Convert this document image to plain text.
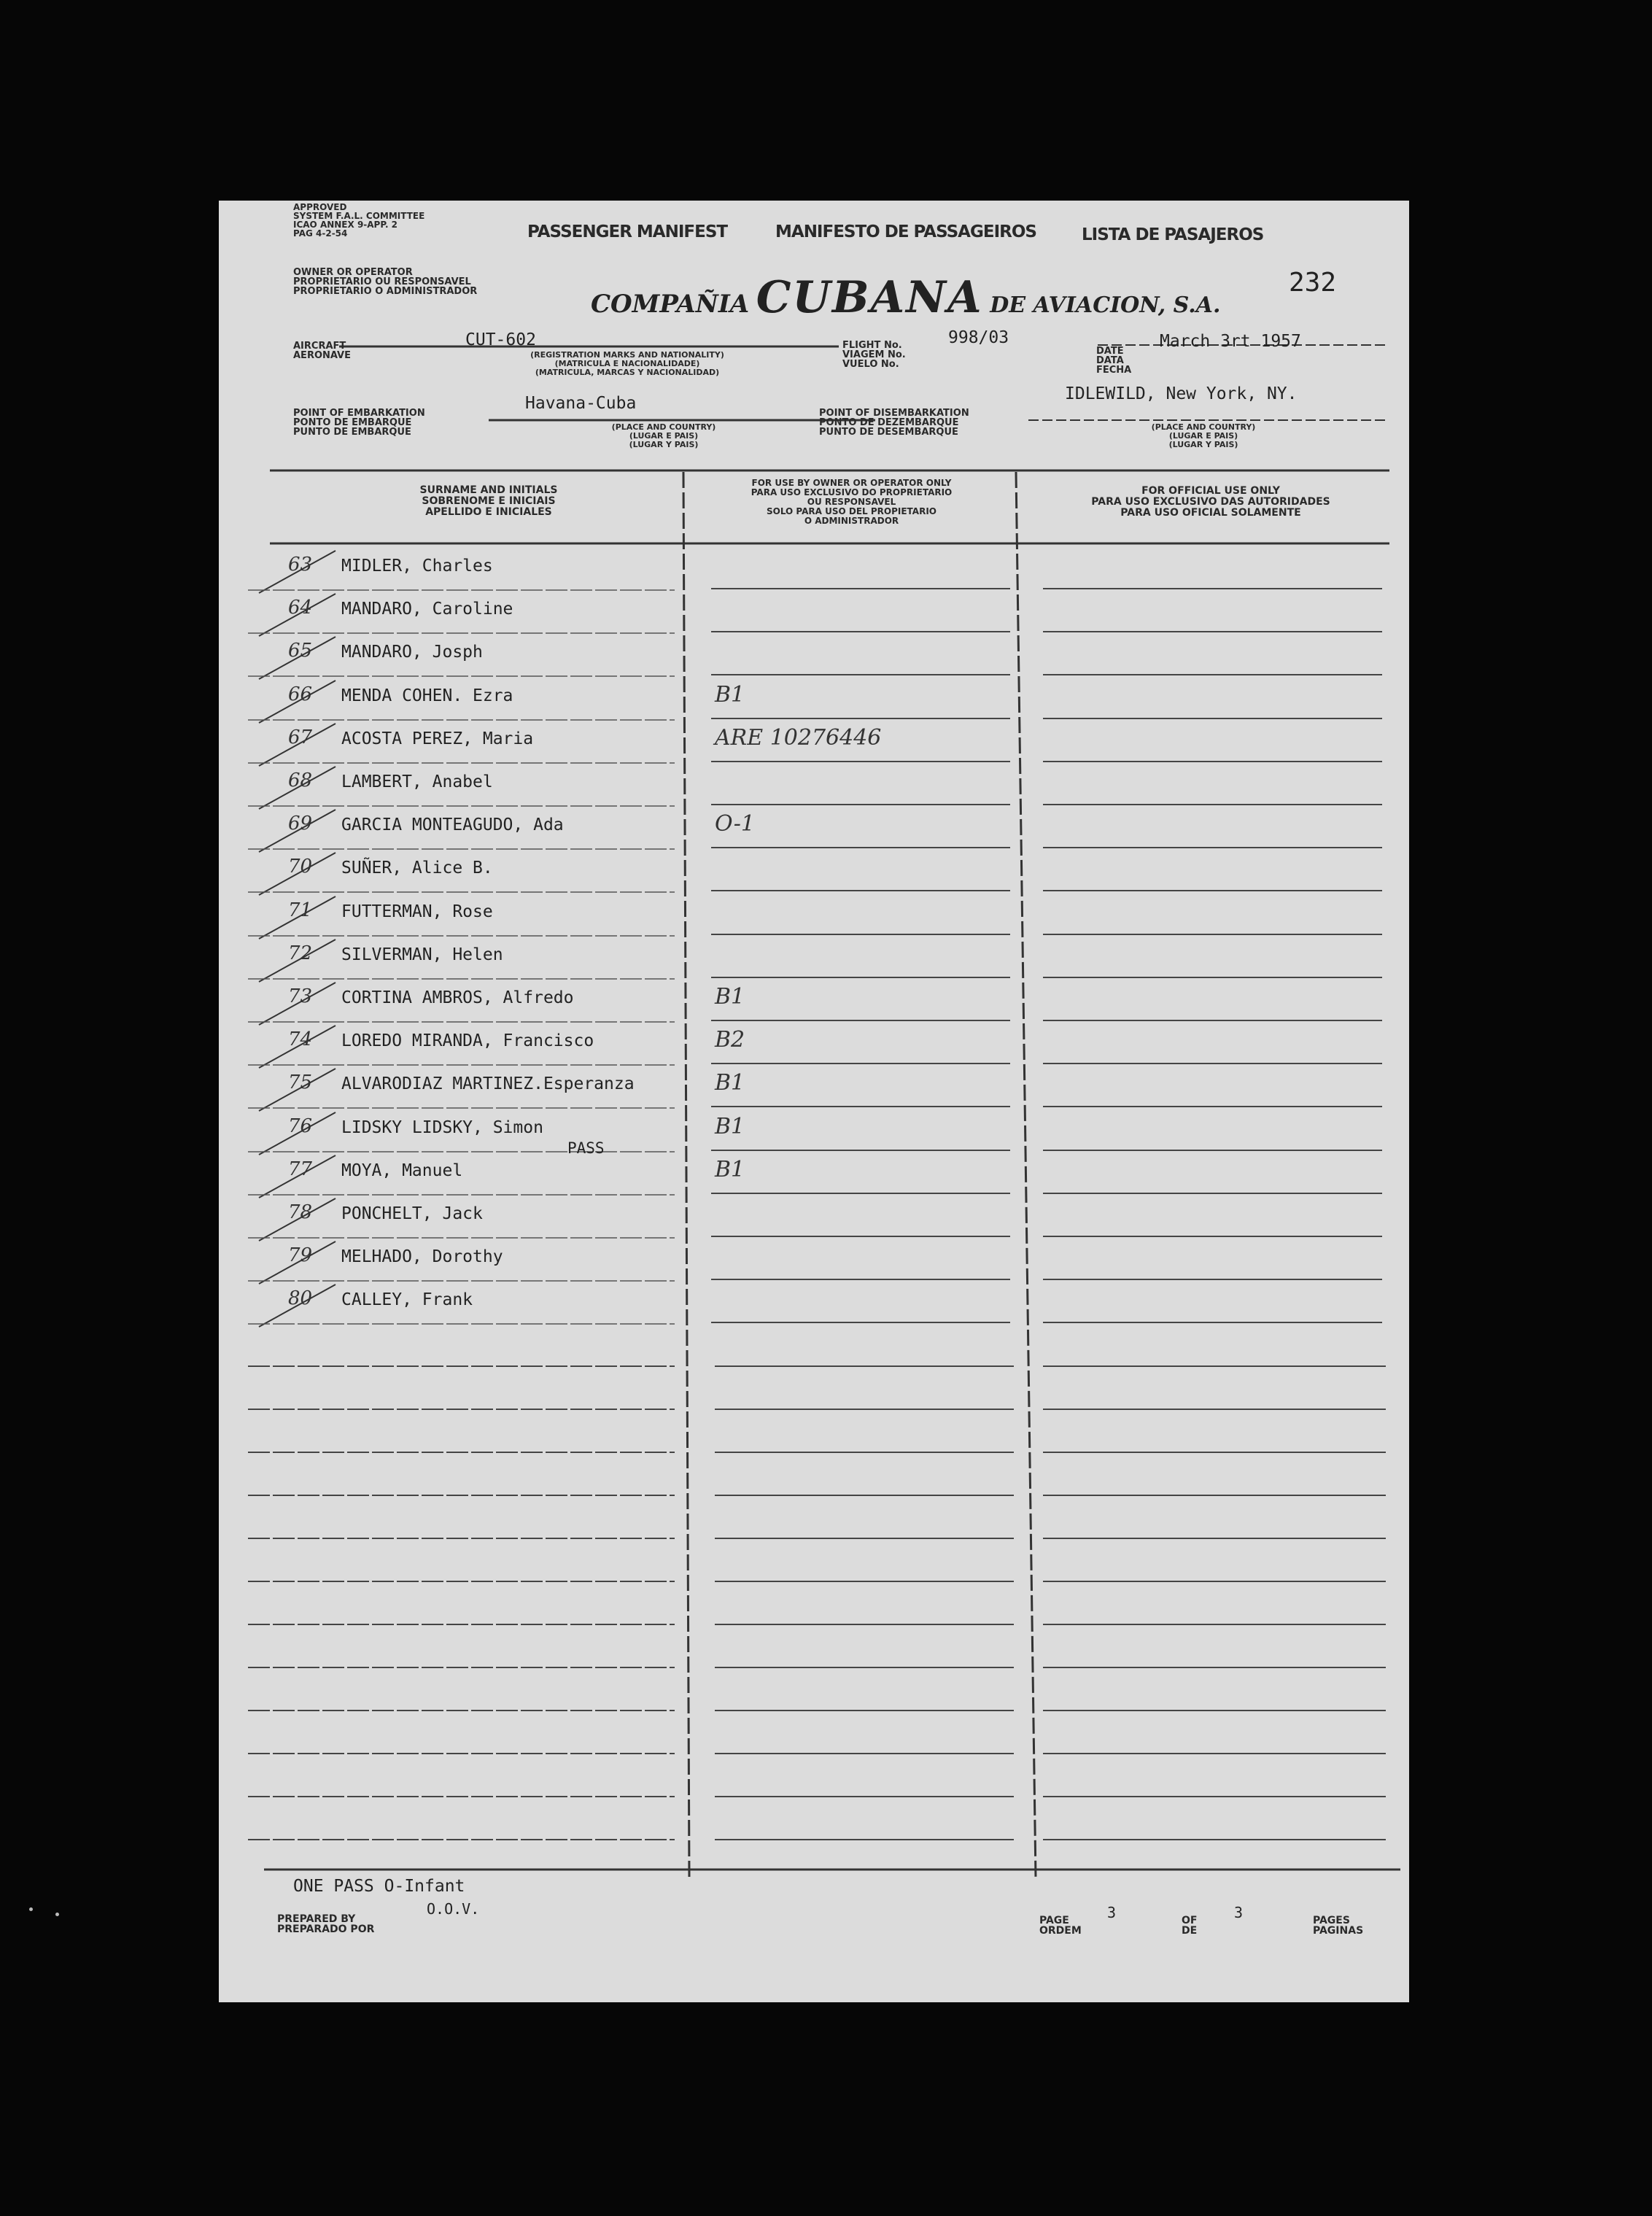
APPROVED
SYSTEM F.A.L. COMMITTEE
ICAO ANNEX 9-APP. 2
PAG 4-2-54	PASSENGER MANIFEST	MANIFESTO DE PASSAGEIROS	LISTA DE PASAJEROS
232
OWNER OR OPERATOR
PROPRIETARIO OU RESPONSAVEL
PROPRIETARIO O ADMINISTRADOR	COMPAÑIA CUBANA DE AVIACION, S.A.
AIRCRAFT
AERONAVE
CUT-602
(REGISTRATION MARKS AND NATIONALITY)
(MATRICULA E NACIONALIDADE)
(MATRICULA, MARCAS Y NACIONALIDAD)
FLIGHT No.
VIAGEM No.
VUELO No.
998/03
DATE
DATA
FECHA
March 3rt 1957
IDLEWILD, New York, NY.
POINT OF EMBARKATION
PONTO DE EMBARQUE
PUNTO DE EMBARQUE
Havana-Cuba
(PLACE AND COUNTRY)
(LUGAR E PAIS)
(LUGAR Y PAIS)
POINT OF DISEMBARKATION
PONTO DE DEZEMBARQUE
PUNTO DE DESEMBARQUE	(PLACE AND COUNTRY)
(LUGAR E PAIS)
(LUGAR Y PAIS)
SURNAME AND INITIALS
SOBRENOME E INICIAIS
APELLIDO E INICIALES
FOR USE BY OWNER OR OPERATOR ONLY
PARA USO EXCLUSIVO DO PROPRIETARIO
OU RESPONSAVEL
SOLO PARA USO DEL PROPIETARIO
O ADMINISTRADOR
FOR OFFICIAL USE ONLY
PARA USO EXCLUSIVO DAS AUTORIDADES
PARA USO OFICIAL SOLAMENTE
63 MIDLER, Charles
64 MANDARO, Caroline
65 MANDARO, Josph
66 MENDA COHEN. Ezra	B1
67 ACOSTA PEREZ, Maria	ARE 10276446
68 LAMBERT, Anabel
69 GARCIA MONTEAGUDO, Ada	O-1
70 SUÑER, Alice B.
71 FUTTERMAN, Rose
72 SILVERMAN, Helen
73 CORTINA AMBROS, Alfredo	B1
74 LOREDO MIRANDA, Francisco	B2
75 ALVARODIAZ MARTINEZ.Esperanza	B1
76 LIDSKY LIDSKY, Simon	B1
77 MOYA, Manuel	B1
78 PONCHELT, Jack
79 MELHADO, Dorothy
80 CALLEY, Frank
PASS
ONE PASS O-Infant
PREPARED BY
PREPARADO POR
O.O.V.
PAGE
ORDEM
3	OF
DE
3	PAGES
PAGINAS
